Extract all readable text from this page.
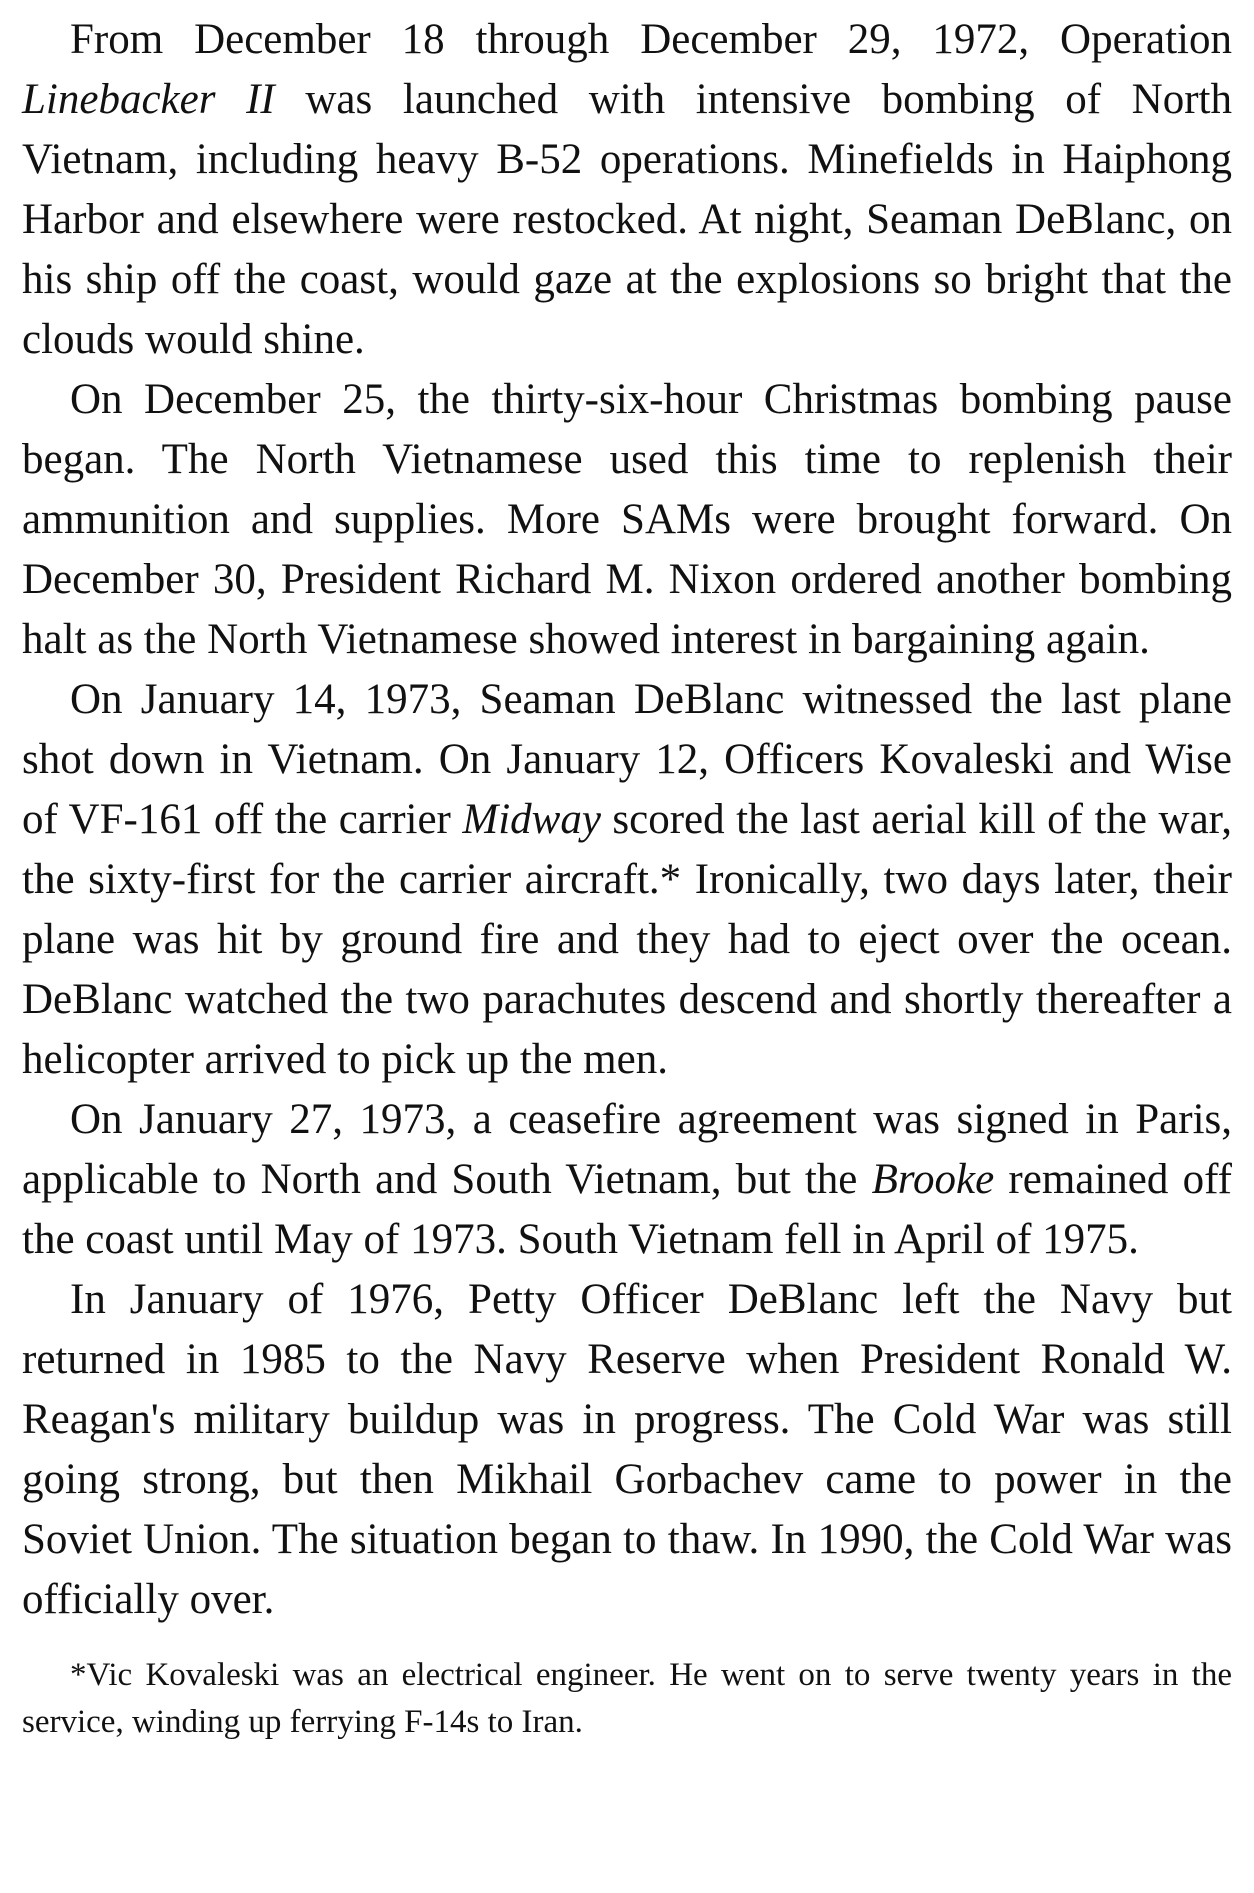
From December 18 through December 29, 1972, Operation Linebacker II was launched with intensive bombing of North Vietnam, including heavy B-52 operations. Minefields in Haiphong Harbor and elsewhere were restocked. At night, Seaman DeBlanc, on his ship off the coast, would gaze at the explosions so bright that the clouds would shine.

On December 25, the thirty-six-hour Christmas bombing pause began. The North Vietnamese used this time to replenish their ammunition and supplies. More SAMs were brought forward. On December 30, President Richard M. Nixon ordered another bombing halt as the North Vietnamese showed interest in bargaining again.

On January 14, 1973, Seaman DeBlanc witnessed the last plane shot down in Vietnam. On January 12, Officers Kovaleski and Wise of VF-161 off the carrier Midway scored the last aerial kill of the war, the sixty-first for the carrier aircraft.* Ironically, two days later, their plane was hit by ground fire and they had to eject over the ocean. DeBlanc watched the two parachutes descend and shortly thereafter a helicopter arrived to pick up the men.

On January 27, 1973, a ceasefire agreement was signed in Paris, applicable to North and South Vietnam, but the Brooke remained off the coast until May of 1973. South Vietnam fell in April of 1975.

In January of 1976, Petty Officer DeBlanc left the Navy but returned in 1985 to the Navy Reserve when President Ronald W. Reagan's military buildup was in progress. The Cold War was still going strong, but then Mikhail Gorbachev came to power in the Soviet Union. The situation began to thaw. In 1990, the Cold War was officially over.

*Vic Kovaleski was an electrical engineer. He went on to serve twenty years in the service, winding up ferrying F-14s to Iran.
